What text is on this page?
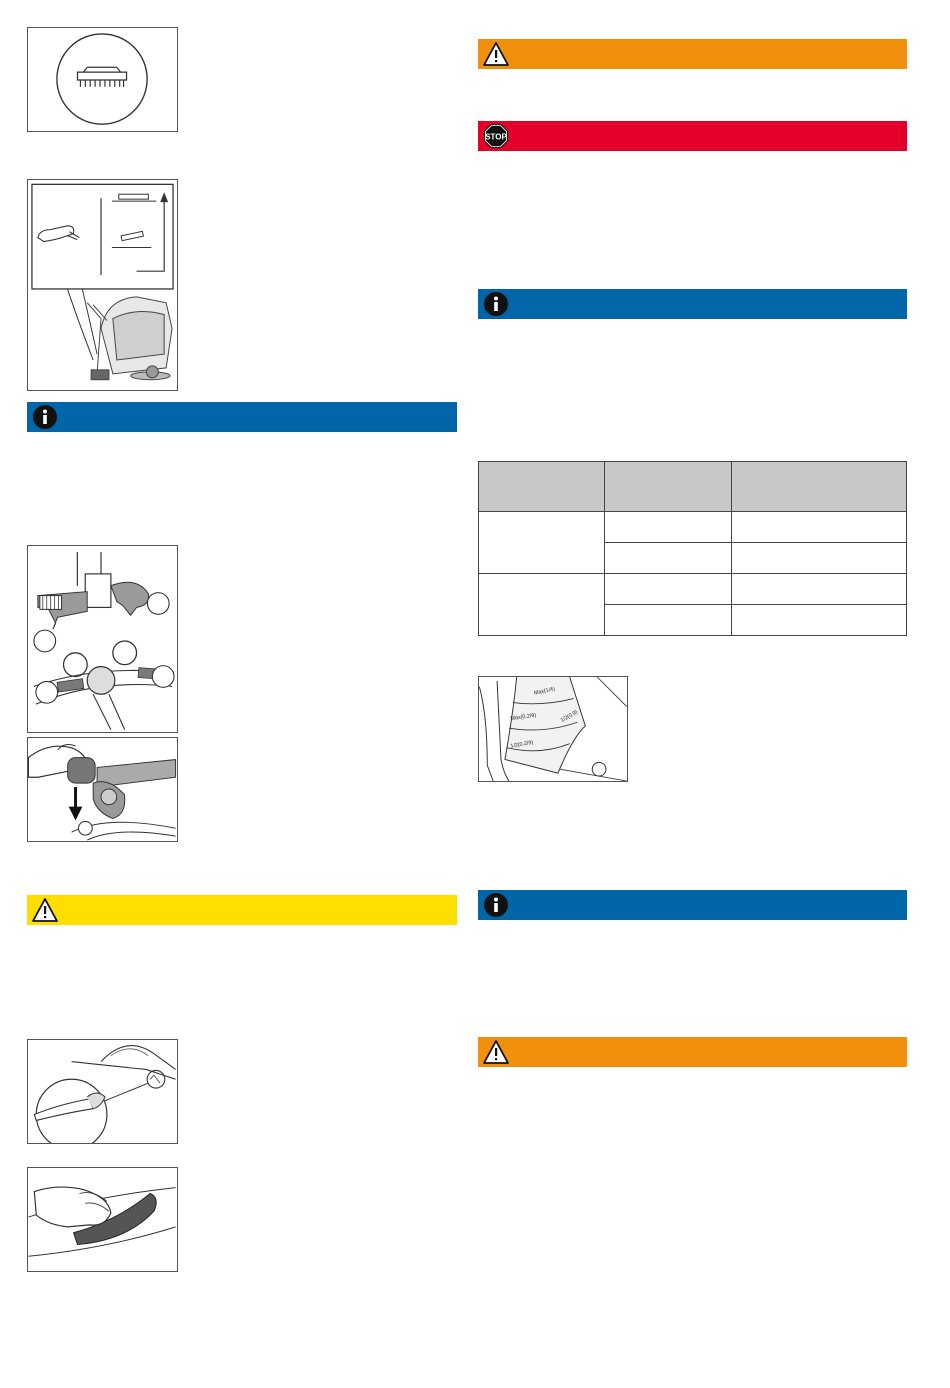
STOP

Max(1/4)
Max(0.2/9)	1/2(0.9)
1/2(0.2/9)
